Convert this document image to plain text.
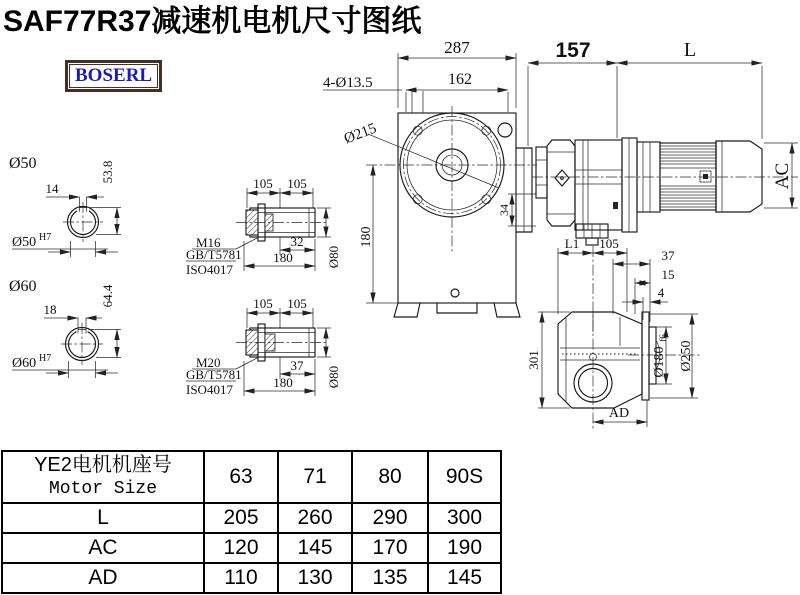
SAF77R37减速机电机尺寸图纸
BOSERL
287
162
4-Ø13.5
Ø215
180
34
157	L
AC
Ø50
14
53.8
Ø50 H7
Ø60
18
64.4
Ø60 H7
105 105
M16
GB/T5781
ISO4017
32
180	Ø80
105 105
M20
GB/T5781
ISO4017
37
180	Ø80
L1 105
37
15
4
Ø180
f6
Ø250
301
AD
YE2电机机座号
Motor Size	63	71	80	90S
L	205	260	290	300
AC	120	145	170	190
AD	110	130	135	145
